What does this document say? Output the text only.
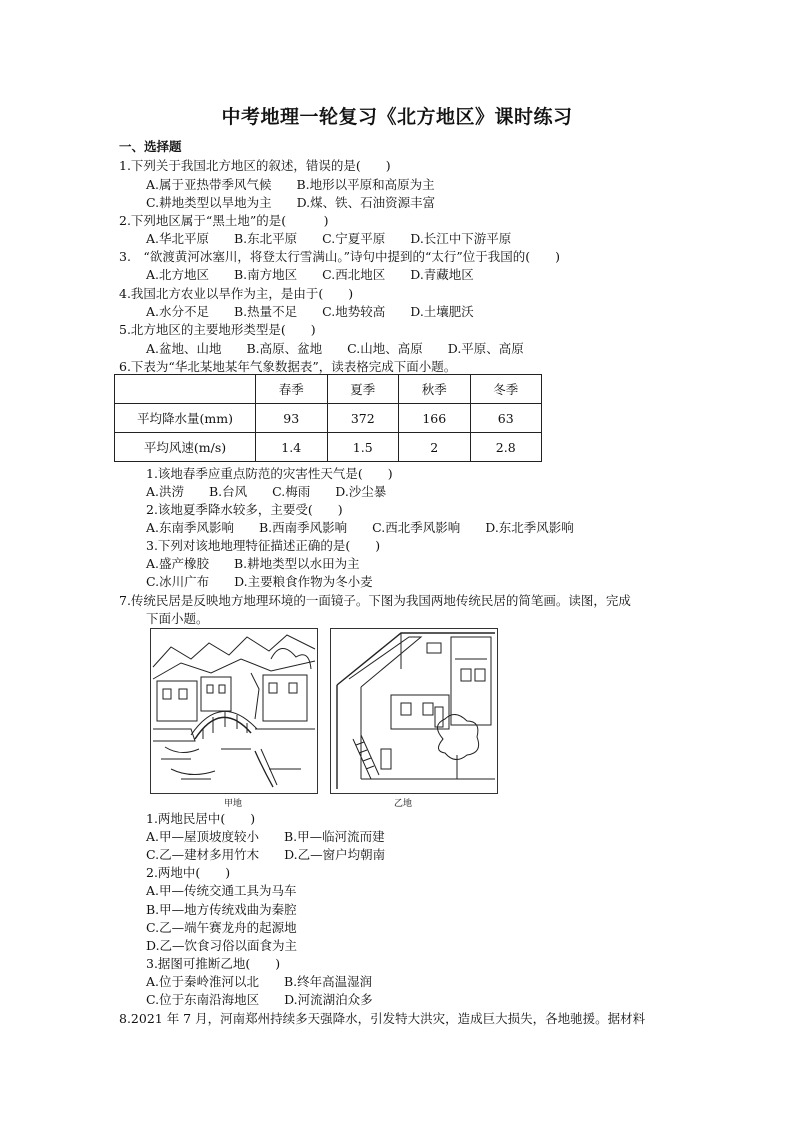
中考地理一轮复习《北方地区》课时练习
一、选择题
1.下列关于我国北方地区的叙述，错误的是(　　)
A.属于亚热带季风气候　　B.地形以平原和高原为主
C.耕地类型以旱地为主　　D.煤、铁、石油资源丰富
2.下列地区属于“黑土地”的是(　　　)
A.华北平原　　B.东北平原　　C.宁夏平原　　D.长江中下游平原
3.　“欲渡黄河冰塞川，将登太行雪满山。”诗句中提到的“太行”位于我国的(　　)
A.北方地区　　B.南方地区　　C.西北地区　　D.青藏地区
4.我国北方农业以旱作为主，是由于(　　)
A.水分不足　　B.热量不足　　C.地势较高　　D.土壤肥沃
5.北方地区的主要地形类型是(　　)
A.盆地、山地　　B.高原、盆地　　C.山地、高原　　D.平原、高原
6.下表为“华北某地某年气象数据表”，读表格完成下面小题。
	春季	夏季	秋季	冬季
平均降水量(mm)	93	372	166	63
平均风速(m/s)	1.4	1.5	2	2.8
1.该地春季应重点防范的灾害性天气是(　　)
A.洪涝　　B.台风　　C.梅雨　　D.沙尘暴
2.该地夏季降水较多，主要受(　　)
A.东南季风影响　　B.西南季风影响　　C.西北季风影响　　D.东北季风影响
3.下列对该地地理特征描述正确的是(　　)
A.盛产橡胶　　B.耕地类型以水田为主
C.冰川广布　　D.主要粮食作物为冬小麦
7.传统民居是反映地方地理环境的一面镜子。下图为我国两地传统民居的简笔画。读图，完成
下面小题。
甲地	乙地
1.两地民居中(　　)
A.甲—屋顶坡度较小　　B.甲—临河流而建
C.乙—建材多用竹木　　D.乙—窗户均朝南
2.两地中(　　)
A.甲—传统交通工具为马车
B.甲—地方传统戏曲为秦腔
C.乙—端午赛龙舟的起源地
D.乙—饮食习俗以面食为主
3.据图可推断乙地(　　)
A.位于秦岭淮河以北　　B.终年高温湿润
C.位于东南沿海地区　　D.河流湖泊众多
8.2021 年 7 月，河南郑州持续多天强降水，引发特大洪灾，造成巨大损失，各地驰援。据材料
